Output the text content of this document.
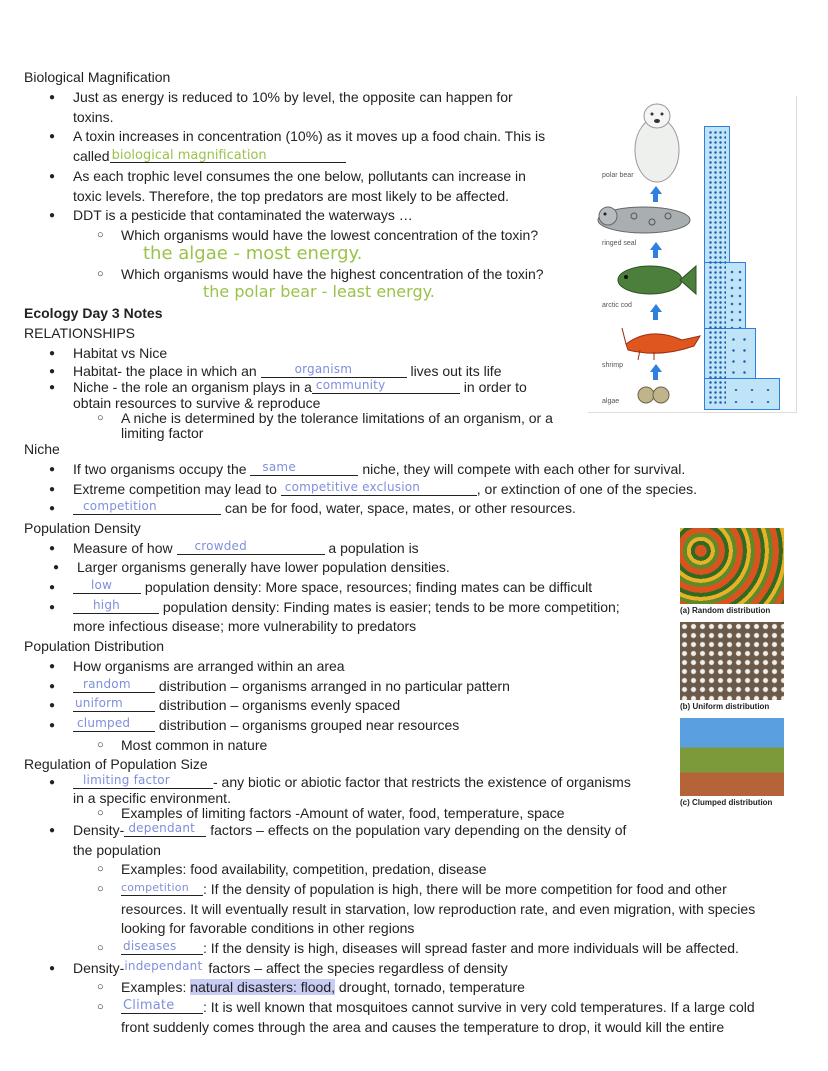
Biological Magnification
● Just as energy is reduced to 10% by level, the opposite can happen for
toxins.
● A toxin increases in concentration (10%) as it moves up a food chain. This is
called biological magnification
● As each trophic level consumes the one below, pollutants can increase in
toxic levels. Therefore, the top predators are most likely to be affected.
● DDT is a pesticide that contaminated the waterways …
○ Which organisms would have the lowest concentration of the toxin?
the algae - most energy.
○ Which organisms would have the highest concentration of the toxin?
the polar bear - least energy.
polar bear
ringed seal
arctic cod
shrimp
algae
Ecology Day 3 Notes
RELATIONSHIPS
● Habitat vs Nice
● Habitat- the place in which an	organism	lives out its life
● Niche - the role an organism plays in a community	in order to
obtain resources to survive & reproduce
○ A niche is determined by the tolerance limitations of an organism, or a
limiting factor
Niche
● If two organisms occupy the same	niche, they will compete with each other for survival.
● Extreme competition may lead to competitive exclusion	, or extinction of one of the species.
● competition	can be for food, water, space, mates, or other resources.
Population Density
● Measure of how crowded	a population is
● Larger organisms generally have lower population densities.
● low population density: More space, resources; finding mates can be difficult
● high	population density: Finding mates is easier; tends to be more competition;
more infectious disease; more vulnerability to predators
Population Distribution
● How organisms are arranged within an area
● random distribution – organisms arranged in no particular pattern
● uniform	distribution – organisms evenly spaced
● clumped distribution – organisms grouped near resources
○ Most common in nature
(a) Random distribution
(b) Uniform distribution
(c) Clumped distribution
Regulation of Population Size
● limiting factor	- any biotic or abiotic factor that restricts the existence of organisms
in a specific environment.
○ Examples of limiting factors -Amount of water, food, temperature, space
● Density- dependant factors – effects on the population vary depending on the density of
the population
○ Examples: food availability, competition, predation, disease
○ competition : If the density of population is high, there will be more competition for food and other
resources. It will eventually result in starvation, low reproduction rate, and even migration, with species
looking for favorable conditions in other regions
○ diseases : If the density is high, diseases will spread faster and more individuals will be affected.
● Density- independant factors – affect the species regardless of density
○ Examples: natural disasters: flood, drought, tornado, temperature
○ Climate : It is well known that mosquitoes cannot survive in very cold temperatures. If a large cold
front suddenly comes through the area and causes the temperature to drop, it would kill the entire
